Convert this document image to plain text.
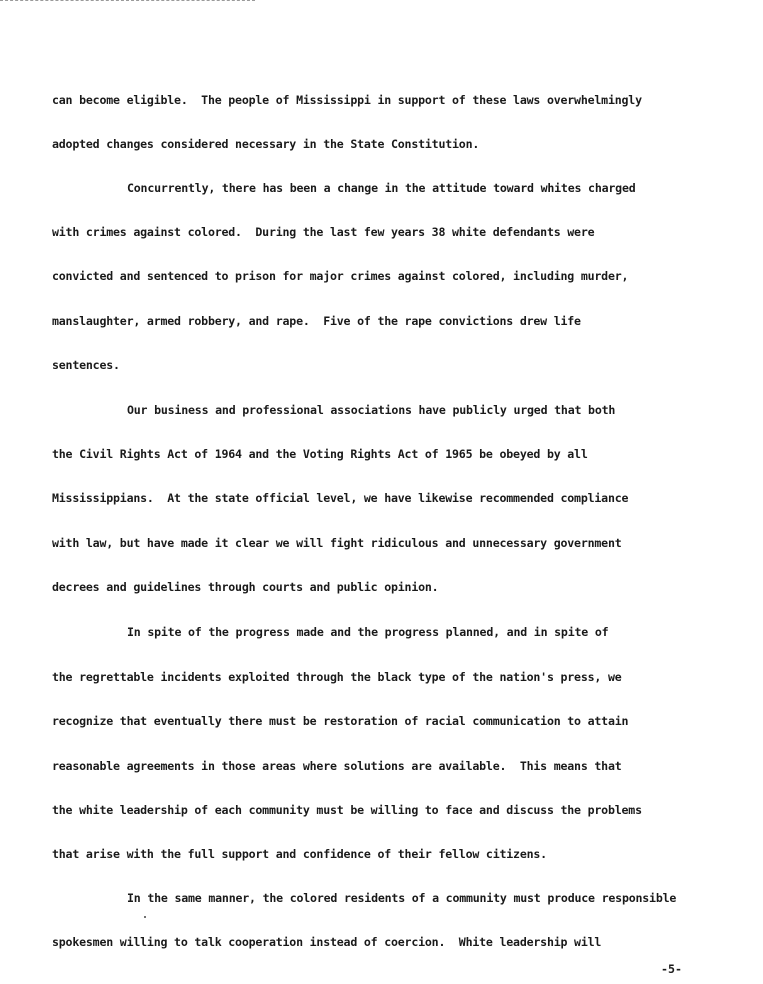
can become eligible.  The people of Mississippi in support of these laws overwhelmingly
adopted changes considered necessary in the State Constitution.
Concurrently, there has been a change in the attitude toward whites charged
with crimes against colored.  During the last few years 38 white defendants were
convicted and sentenced to prison for major crimes against colored, including murder,
manslaughter, armed robbery, and rape.  Five of the rape convictions drew life
sentences.
Our business and professional associations have publicly urged that both
the Civil Rights Act of 1964 and the Voting Rights Act of 1965 be obeyed by all
Mississippians.  At the state official level, we have likewise recommended compliance
with law, but have made it clear we will fight ridiculous and unnecessary government
decrees and guidelines through courts and public opinion.
In spite of the progress made and the progress planned, and in spite of
the regrettable incidents exploited through the black type of the nation's press, we
recognize that eventually there must be restoration of racial communication to attain
reasonable agreements in those areas where solutions are available.  This means that
the white leadership of each community must be willing to face and discuss the problems
that arise with the full support and confidence of their fellow citizens.
In the same manner, the colored residents of a community must produce responsible
spokesmen willing to talk cooperation instead of coercion.  White leadership will
-5-
